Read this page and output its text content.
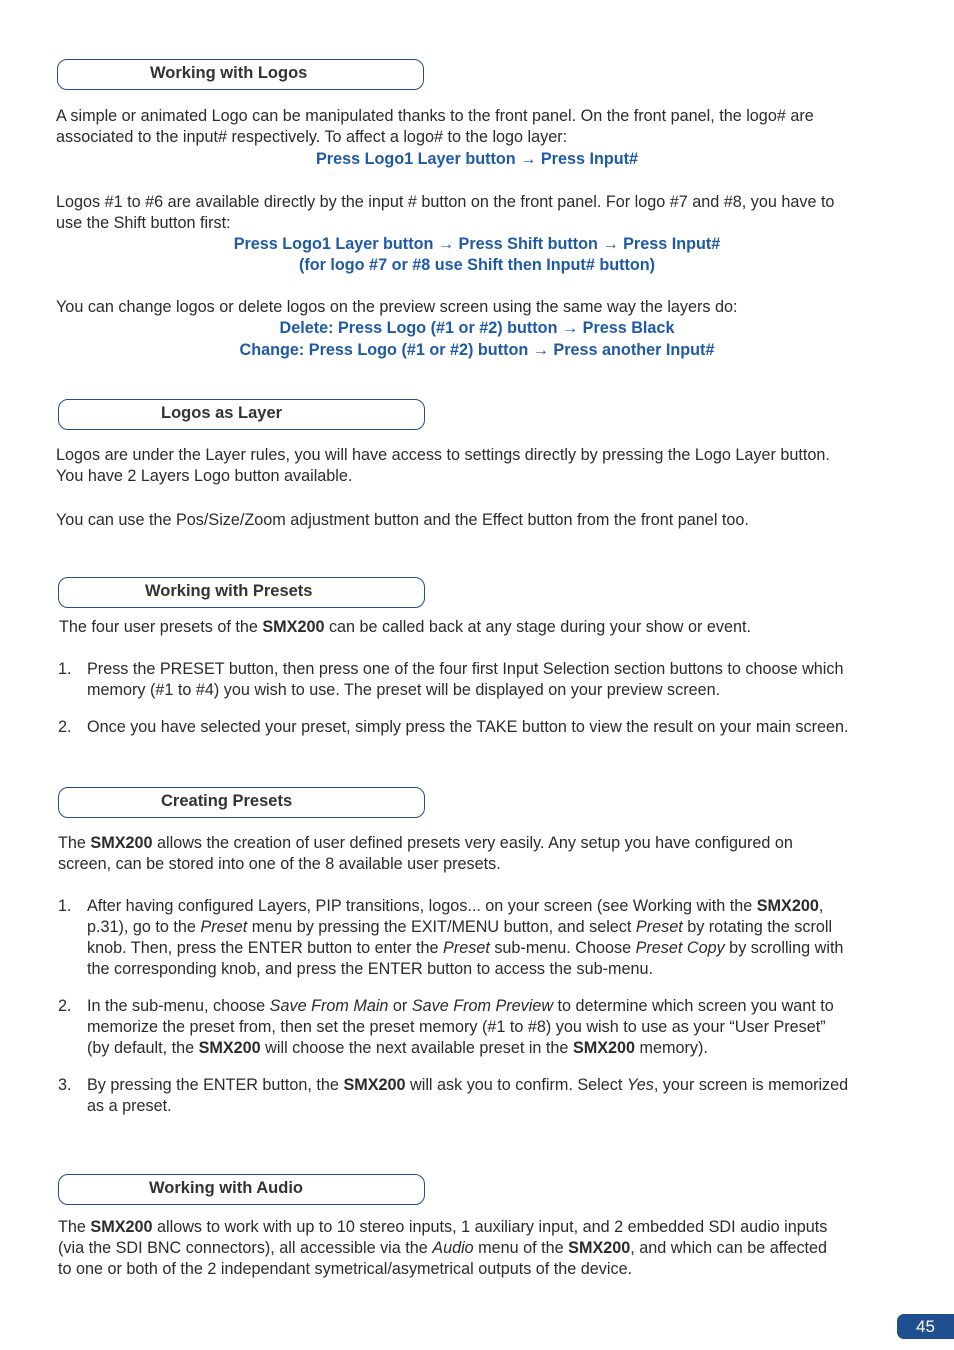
Working with Logos
A simple or animated Logo can be manipulated thanks to the front panel. On the front panel, the logo# are
associated to the input# respectively. To affect a logo# to the logo layer:
Press Logo1 Layer button → Press Input#
Logos #1 to #6 are available directly by the input # button on the front panel. For logo #7 and #8, you have to
use the Shift button first:
Press Logo1 Layer button → Press Shift button → Press Input#
(for logo #7 or #8 use Shift then Input# button)
You can change logos or delete logos on the preview screen using the same way the layers do:
Delete: Press Logo (#1 or #2) button → Press Black
Change: Press Logo (#1 or #2) button → Press another Input#
Logos as Layer
Logos are under the Layer rules, you will have access to settings directly by pressing the Logo Layer button.
You have 2 Layers Logo button available.
You can use the Pos/Size/Zoom adjustment button and the Effect button from the front panel too.
Working with Presets
The four user presets of the SMX200 can be called back at any stage during your show or event.
1. Press the PRESET button, then press one of the four first Input Selection section buttons to choose which
memory (#1 to #4) you wish to use. The preset will be displayed on your preview screen.
2. Once you have selected your preset, simply press the TAKE button to view the result on your main screen.
Creating Presets
The SMX200 allows the creation of user defined presets very easily. Any setup you have configured on
screen, can be stored into one of the 8 available user presets.
1. After having configured Layers, PIP transitions, logos... on your screen (see Working with the SMX200,
p.31), go to the Preset menu by pressing the EXIT/MENU button, and select Preset by rotating the scroll
knob. Then, press the ENTER button to enter the Preset sub-menu. Choose Preset Copy by scrolling with
the corresponding knob, and press the ENTER button to access the sub-menu.
2. In the sub-menu, choose Save From Main or Save From Preview to determine which screen you want to
memorize the preset from, then set the preset memory (#1 to #8) you wish to use as your “User Preset”
(by default, the SMX200 will choose the next available preset in the SMX200 memory).
3. By pressing the ENTER button, the SMX200 will ask you to confirm. Select Yes, your screen is memorized
as a preset.
Working with Audio
The SMX200 allows to work with up to 10 stereo inputs, 1 auxiliary input, and 2 embedded SDI audio inputs
(via the SDI BNC connectors), all accessible via the Audio menu of the SMX200, and which can be affected
to one or both of the 2 independant symetrical/asymetrical outputs of the device.
45
